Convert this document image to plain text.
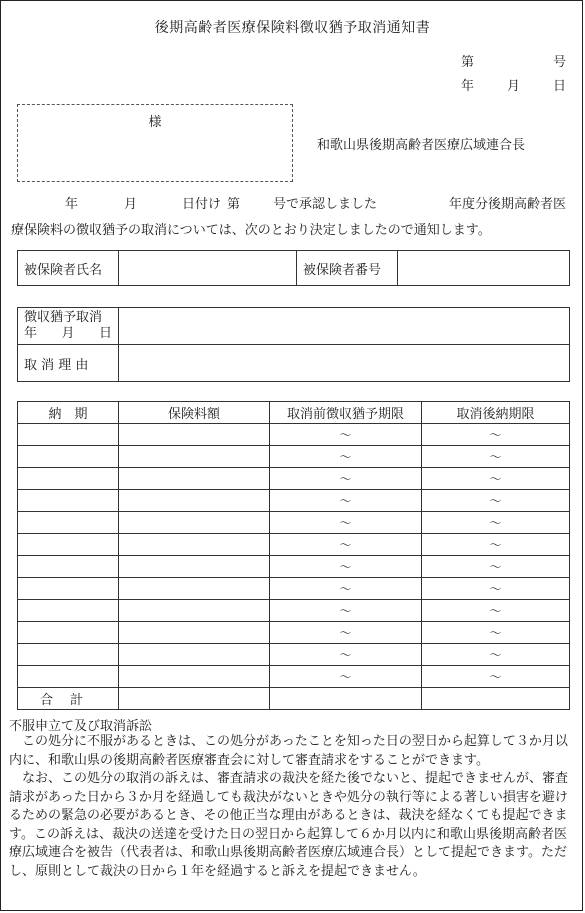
後期高齢者医療保険料徴収猶予取消通知書
第	号
年	月	日
様
和歌山県後期高齢者医療広域連合長
年	月	日付け 第	号で承認しました	年度分後期高齢者医
療保険料の徴収猶予の取消については、次のとおり決定しましたので通知します。
被保険者氏名		被保険者番号	
徴収猶予取消
年 月 日	

取 消 理 由	
納　期	保険料額	取消前徴収猶予期限	取消後納期限
		～	～
		～	～
		～	～
		～	～
		～	～
		～	～
		～	～
		～	～
		～	～
		～	～
		～	～
		～	～
合　計			
不服申立て及び取消訴訟

この処分に不服があるときは、この処分があったことを知った日の翌日から起算して３か月以内に、和歌山県の後期高齢者医療審査会に対して審査請求をすることができます。

なお、この処分の取消の訴えは、審査請求の裁決を経た後でないと、提起できませんが、審査請求があった日から３か月を経過しても裁決がないときや処分の執行等による著しい損害を避けるための緊急の必要があるとき、その他正当な理由があるときは、裁決を経なくても提起できます。この訴えは、裁決の送達を受けた日の翌日から起算して６か月以内に和歌山県後期高齢者医療広域連合を被告（代表者は、和歌山県後期高齢者医療広域連合長）として提起できます。ただし、原則として裁決の日から１年を経過すると訴えを提起できません。
